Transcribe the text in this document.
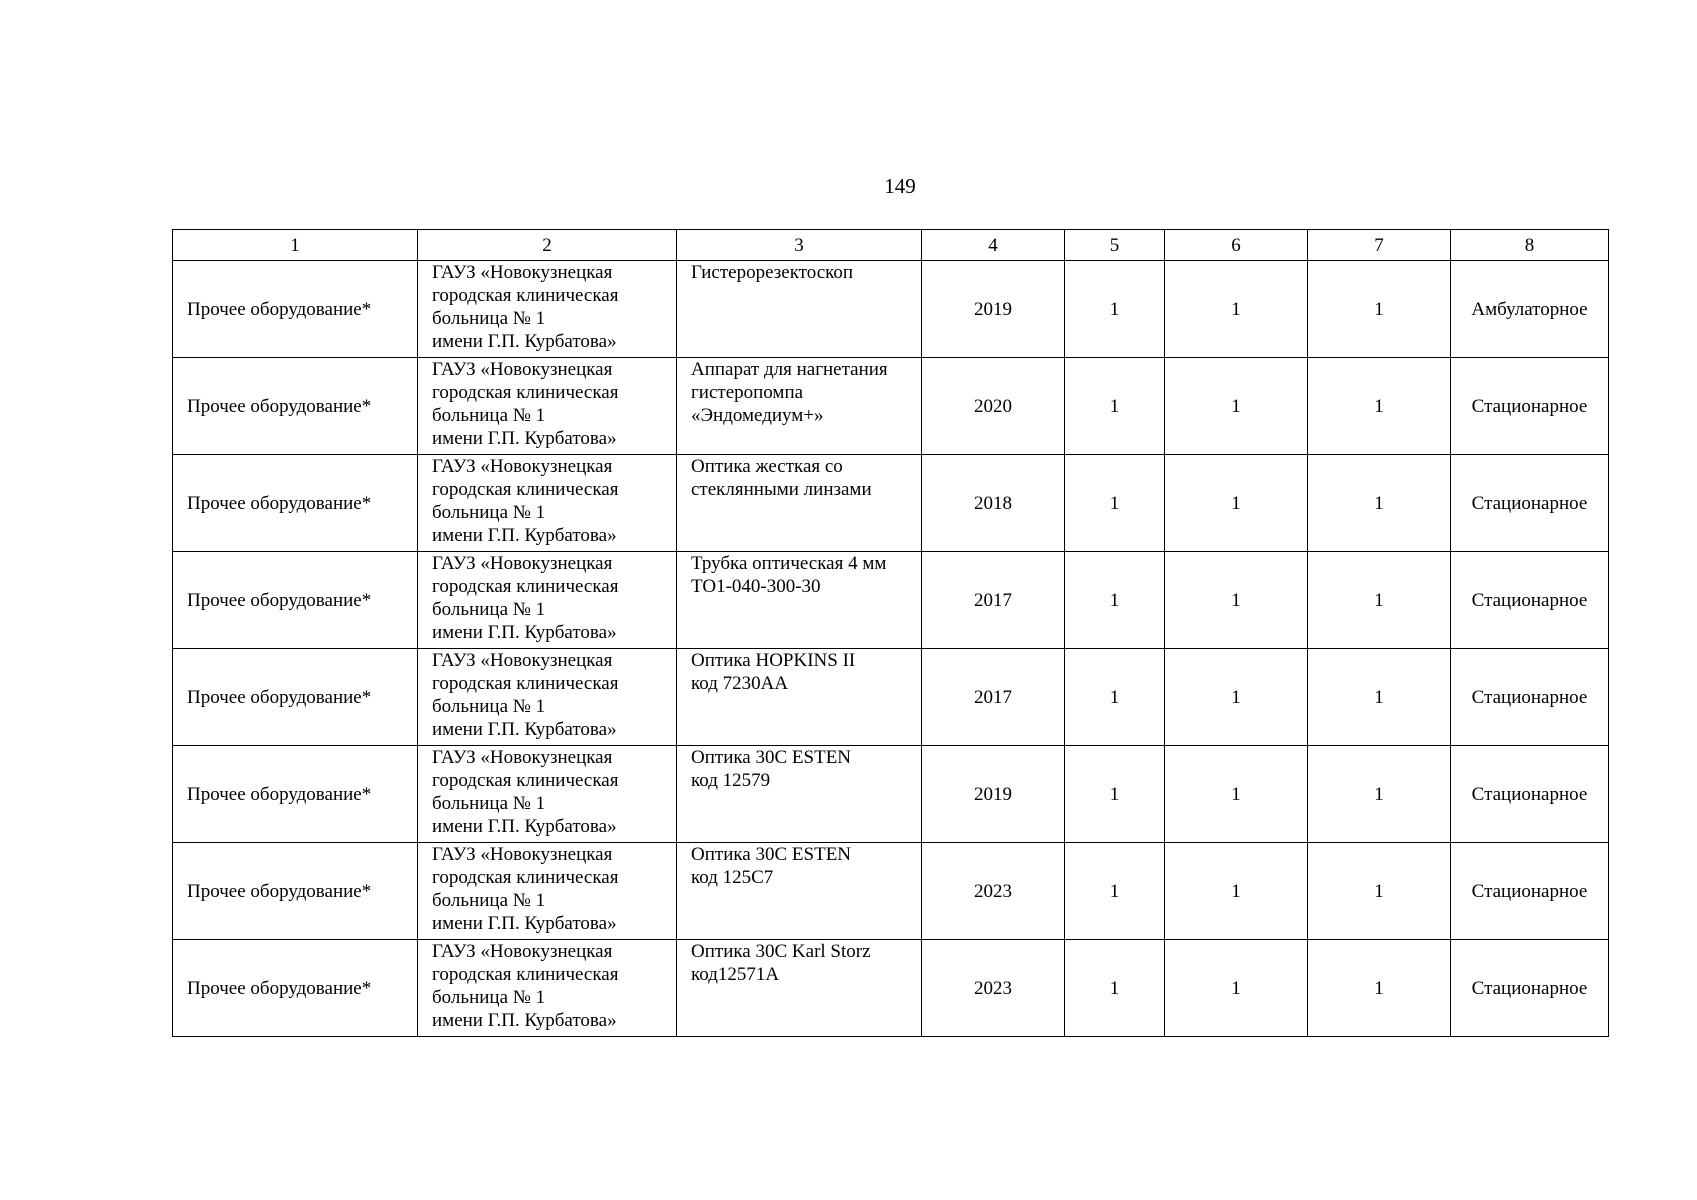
149
1	2	3	4	5	6	7	8
Прочее оборудование*	ГАУЗ «Новокузнецкая
городская клиническая
больница № 1
имени Г.П. Курбатова»	Гистерорезектоскоп	2019	1	1	1	Амбулаторное
Прочее оборудование*	ГАУЗ «Новокузнецкая
городская клиническая
больница № 1
имени Г.П. Курбатова»	Аппарат для нагнетания
гистеропомпа
«Эндомедиум+»	2020	1	1	1	Стационарное
Прочее оборудование*	ГАУЗ «Новокузнецкая
городская клиническая
больница № 1
имени Г.П. Курбатова»	Оптика жесткая со
стеклянными линзами	2018	1	1	1	Стационарное
Прочее оборудование*	ГАУЗ «Новокузнецкая
городская клиническая
больница № 1
имени Г.П. Курбатова»	Трубка оптическая 4 мм
ТО1-040-300-30	2017	1	1	1	Стационарное
Прочее оборудование*	ГАУЗ «Новокузнецкая
городская клиническая
больница № 1
имени Г.П. Курбатова»	Оптика HOPKINS II
код 7230АА	2017	1	1	1	Стационарное
Прочее оборудование*	ГАУЗ «Новокузнецкая
городская клиническая
больница № 1
имени Г.П. Курбатова»	Оптика 30С ESTEN
код 12579	2019	1	1	1	Стационарное
Прочее оборудование*	ГАУЗ «Новокузнецкая
городская клиническая
больница № 1
имени Г.П. Курбатова»	Оптика 30С ESTEN
код 125С7	2023	1	1	1	Стационарное
Прочее оборудование*	ГАУЗ «Новокузнецкая
городская клиническая
больница № 1
имени Г.П. Курбатова»	Оптика 30С Karl Storz
код12571А	2023	1	1	1	Стационарное
